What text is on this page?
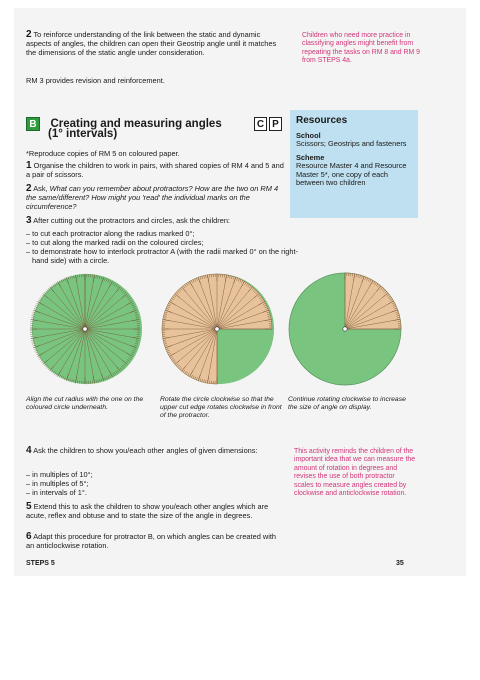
2 To reinforce understanding of the link between the static and dynamic aspects of angles, the children can open their Geostrip angle until it matches the dimensions of the static angle under consideration.
RM 3 provides revision and reinforcement.
Children who need more practice in classifying angles might benefit from repeating the tasks on RM 8 and RM 9 from STEPS 4a.
B Creating and measuring angles	C P
(1° intervals)
Resources
School
Scissors; Geostrips and fasteners
Scheme
Resource Master 4 and Resource Master 5*, one copy of each between two children
*Reproduce copies of RM 5 on coloured paper.
1 Organise the children to work in pairs, with shared copies of RM 4 and 5 and a pair of scissors.
2 Ask, What can you remember about protractors? How are the two on RM 4 the same/different? How might you 'read' the individual marks on the circumference?
3 After cutting out the protractors and circles, ask the children:
– to cut each protractor along the radius marked 0°;
– to cut along the marked radii on the coloured circles;
– to demonstrate how to interlock protractor A (with the radii marked 0° on the right-hand side) with a circle.
Align the cut radius with the one on the coloured circle underneath.
Rotate the circle clockwise so that the upper cut edge rotates clockwise in front of the protractor.
Continue rotating clockwise to increase the size of angle on display.
4 Ask the children to show you/each other angles of given dimensions:
– in multiples of 10°;
– in multiples of 5°;
– in intervals of 1°.
5 Extend this to ask the children to show you/each other angles which are acute, reflex and obtuse and to state the size of the angle in degrees.
6 Adapt this procedure for protractor B, on which angles can be created with an anticlockwise rotation.
This activity reminds the children of the important idea that we can measure the amount of rotation in degrees and revises the use of both protractor scales to measure angles created by clockwise and anticlockwise rotation.
STEPS 5	35
